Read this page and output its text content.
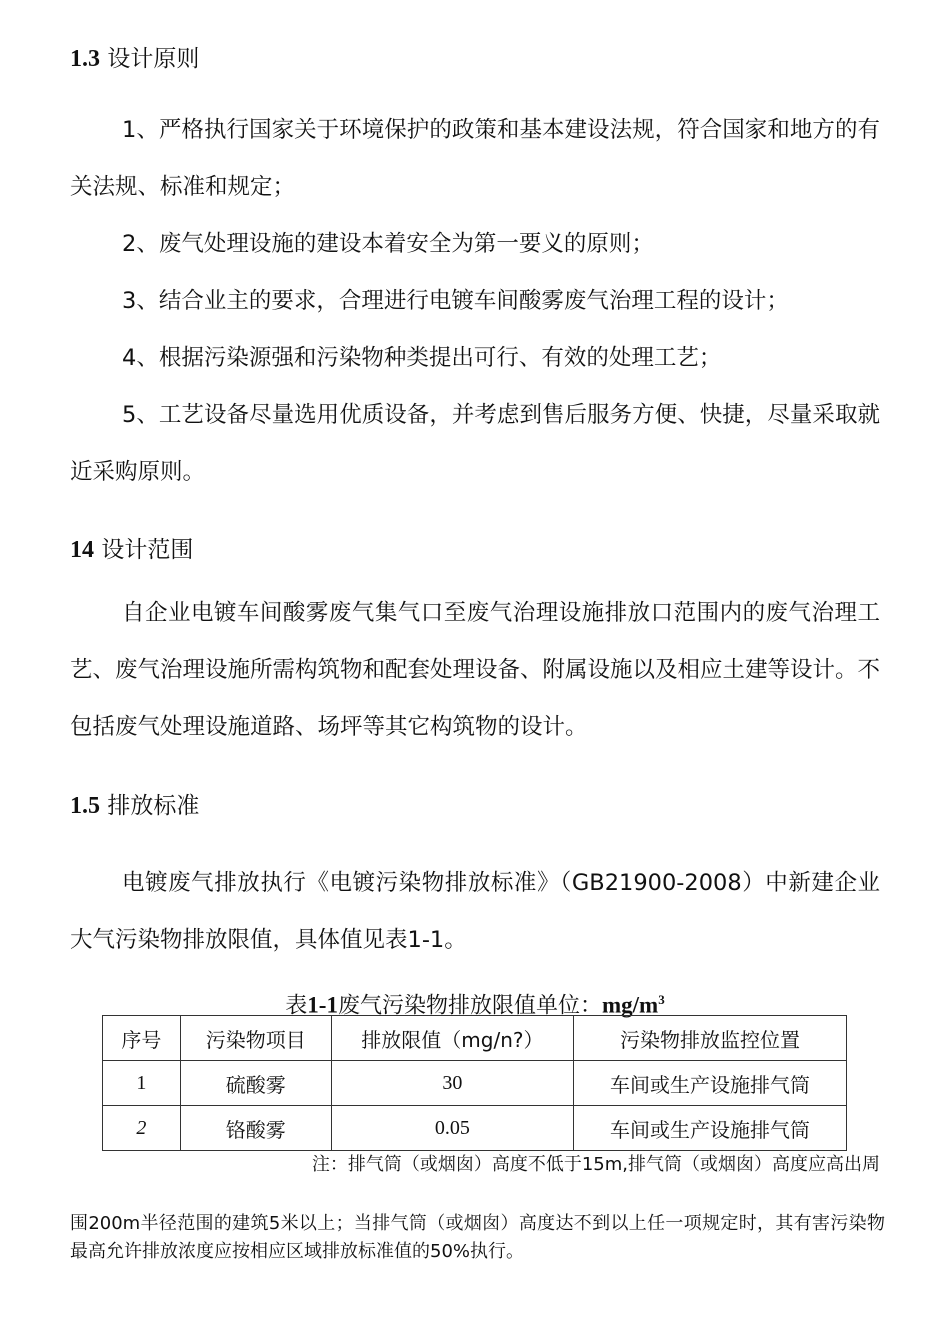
1.3 设计原则

1、严格执行国家关于环境保护的政策和基本建设法规，符合国家和地方的有关法规、标准和规定；

2、废气处理设施的建设本着安全为第一要义的原则；

3、结合业主的要求，合理进行电镀车间酸雾废气治理工程的设计；

4、根据污染源强和污染物种类提出可行、有效的处理工艺；

5、工艺设备尽量选用优质设备，并考虑到售后服务方便、快捷，尽量采取就近采购原则。

14 设计范围

自企业电镀车间酸雾废气集气口至废气治理设施排放口范围内的废气治理工艺、废气治理设施所需构筑物和配套处理设备、附属设施以及相应土建等设计。不包括废气处理设施道路、场坪等其它构筑物的设计。

1.5 排放标准

电镀废气排放执行《电镀污染物排放标准》（GB21900-2008）中新建企业大气污染物排放限值，具体值见表1-1。

表1-1废气污染物排放限值单位：$mg/m^3$
序号	污染物项目	排放限值（mg/n?）	污染物排放监控位置
1	硫酸雾	30	车间或生产设施排气筒
2	铬酸雾	0.05	车间或生产设施排气筒
注：排气筒（或烟囱）高度不低于15m,排气筒（或烟囱）高度应高出周

围200m半径范围的建筑5米以上；当排气筒（或烟囱）高度达不到以上任一项规定时，其有害污染物最高允许排放浓度应按相应区域排放标准值的50%执行。
